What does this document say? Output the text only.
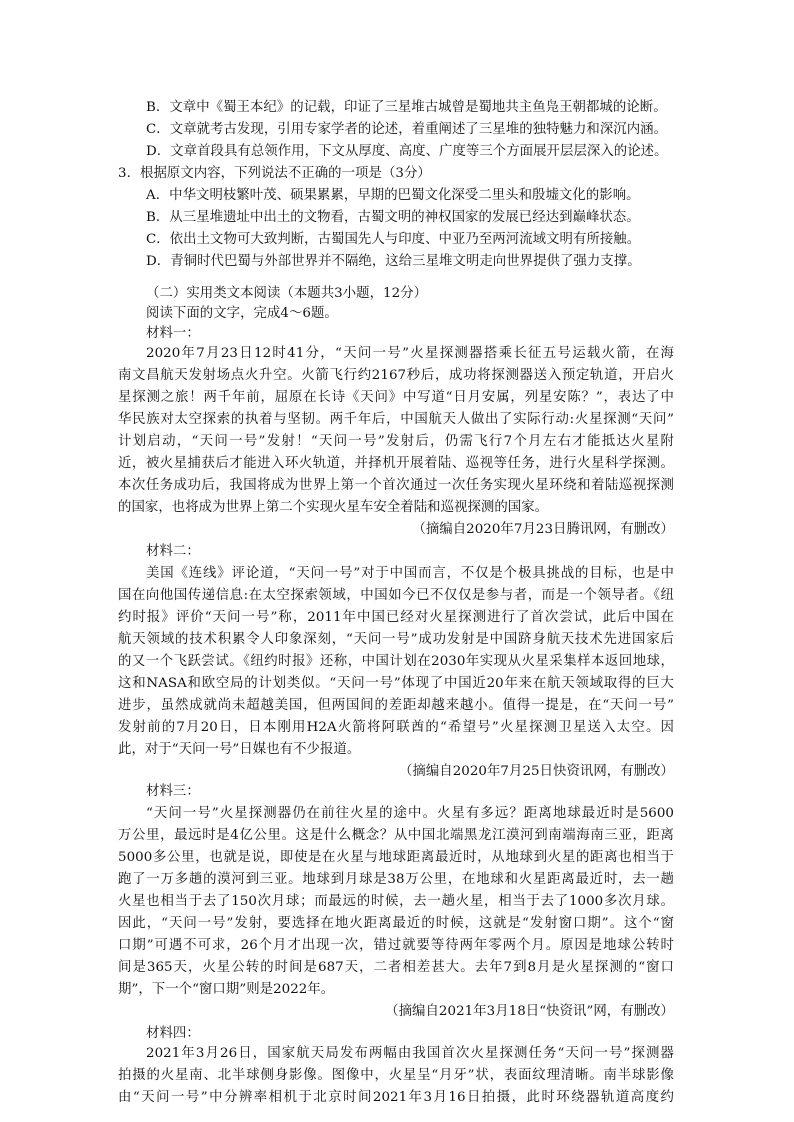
B．文章中《蜀王本纪》的记载，印证了三星堆古城曾是蜀地共主鱼凫王朝都城的论断。
C．文章就考古发现，引用专家学者的论述，着重阐述了三星堆的独特魅力和深沉内涵。
D．文章首段具有总领作用，下文从厚度、高度、广度等三个方面展开层层深入的论述。
3．根据原文内容，下列说法不正确的一项是（3分）
A．中华文明枝繁叶茂、硕果累累，早期的巴蜀文化深受二里头和殷墟文化的影响。
B．从三星堆遗址中出土的文物看，古蜀文明的神权国家的发展已经达到巅峰状态。
C．依出土文物可大致判断，古蜀国先人与印度、中亚乃至两河流域文明有所接触。
D．青铜时代巴蜀与外部世界并不隔绝，这给三星堆文明走向世界提供了强力支撑。
（二）实用类文本阅读（本题共3小题，12分）
阅读下面的文字，完成4～6题。
材料一：
2020年7月23日12时41分，“天问一号”火星探测器搭乘长征五号运载火箭，在海
南文昌航天发射场点火升空。火箭飞行约2167秒后，成功将探测器送入预定轨道，开启火
星探测之旅！两千年前，屈原在长诗《天问》中写道“日月安属，列星安陈？”，表达了中
华民族对太空探索的执着与坚韧。两千年后，中国航天人做出了实际行动:火星探测“天问”
计划启动，“天问一号”发射！“天问一号”发射后，仍需飞行7个月左右才能抵达火星附
近，被火星捕获后才能进入环火轨道，并择机开展着陆、巡视等任务，进行火星科学探测。
本次任务成功后，我国将成为世界上第一个首次通过一次任务实现火星环绕和着陆巡视探测
的国家，也将成为世界上第二个实现火星车安全着陆和巡视探测的国家。
（摘编自2020年7月23日腾讯网，有删改）
材料二：
美国《连线》评论道，“天问一号”对于中国而言，不仅是个极具挑战的目标，也是中
国在向他国传递信息:在太空探索领域，中国如今已不仅仅是参与者，而是一个领导者。《纽
约时报》评价“天问一号”称，2011年中国已经对火星探测进行了首次尝试，此后中国在
航天领域的技术积累令人印象深刻，“天问一号”成功发射是中国跻身航天技术先进国家后
的又一个飞跃尝试。《纽约时报》还称，中国计划在2030年实现从火星采集样本返回地球，
这和NASA和欧空局的计划类似。“天问一号”体现了中国近20年来在航天领域取得的巨大
进步，虽然成就尚未超越美国，但两国间的差距却越来越小。值得一提是，在“天问一号”
发射前的7月20日，日本刚用H2A火箭将阿联酋的“希望号”火星探测卫星送入太空。因
此，对于“天问一号”日媒也有不少报道。
（摘编自2020年7月25日快资讯网，有删改）
材料三：
“天问一号”火星探测器仍在前往火星的途中。火星有多远？距离地球最近时是5600
万公里，最远时是4亿公里。这是什么概念？从中国北端黑龙江漠河到南端海南三亚，距离
5000多公里，也就是说，即使是在火星与地球距离最近时，从地球到火星的距离也相当于
跑了一万多趟的漠河到三亚。地球到月球是38万公里，在地球和火星距离最近时，去一趟
火星也相当于去了150次月球；而最远的时候，去一趟火星，相当于去了1000多次月球。
因此，“天问一号”发射，要选择在地火距离最近的时候，这就是“发射窗口期”。这个“窗
口期”可遇不可求，26个月才出现一次，错过就要等待两年零两个月。原因是地球公转时
间是365天，火星公转的时间是687天，二者相差甚大。去年7到8月是火星探测的“窗口
期”，下一个“窗口期”则是2022年。
（摘编自2021年3月18日“快资讯”网，有删改）
材料四：
2021年3月26日，国家航天局发布两幅由我国首次火星探测任务“天问一号”探测器
拍摄的火星南、北半球侧身影像。图像中，火星呈“月牙”状，表面纹理清晰。南半球影像
由“天问一号”中分辨率相机于北京时间2021年3月16日拍摄，此时环绕器轨道高度约
1．12万千米。北半球影像由“天问一号”中分辨率相机于北京时间2021年3月18日拍摄， 此时环绕器轨道高度约1．15万千米。目前，“天问一号”探测器已经在停泊轨道运行一个 月，高分辨率相机、中分辨率相机、矿物光谱仪、火星能量粒子分析仪、离子与中性粒子分 析仪、磁强计等载荷陆续开机，对火星开展探测，获取科学数据。
